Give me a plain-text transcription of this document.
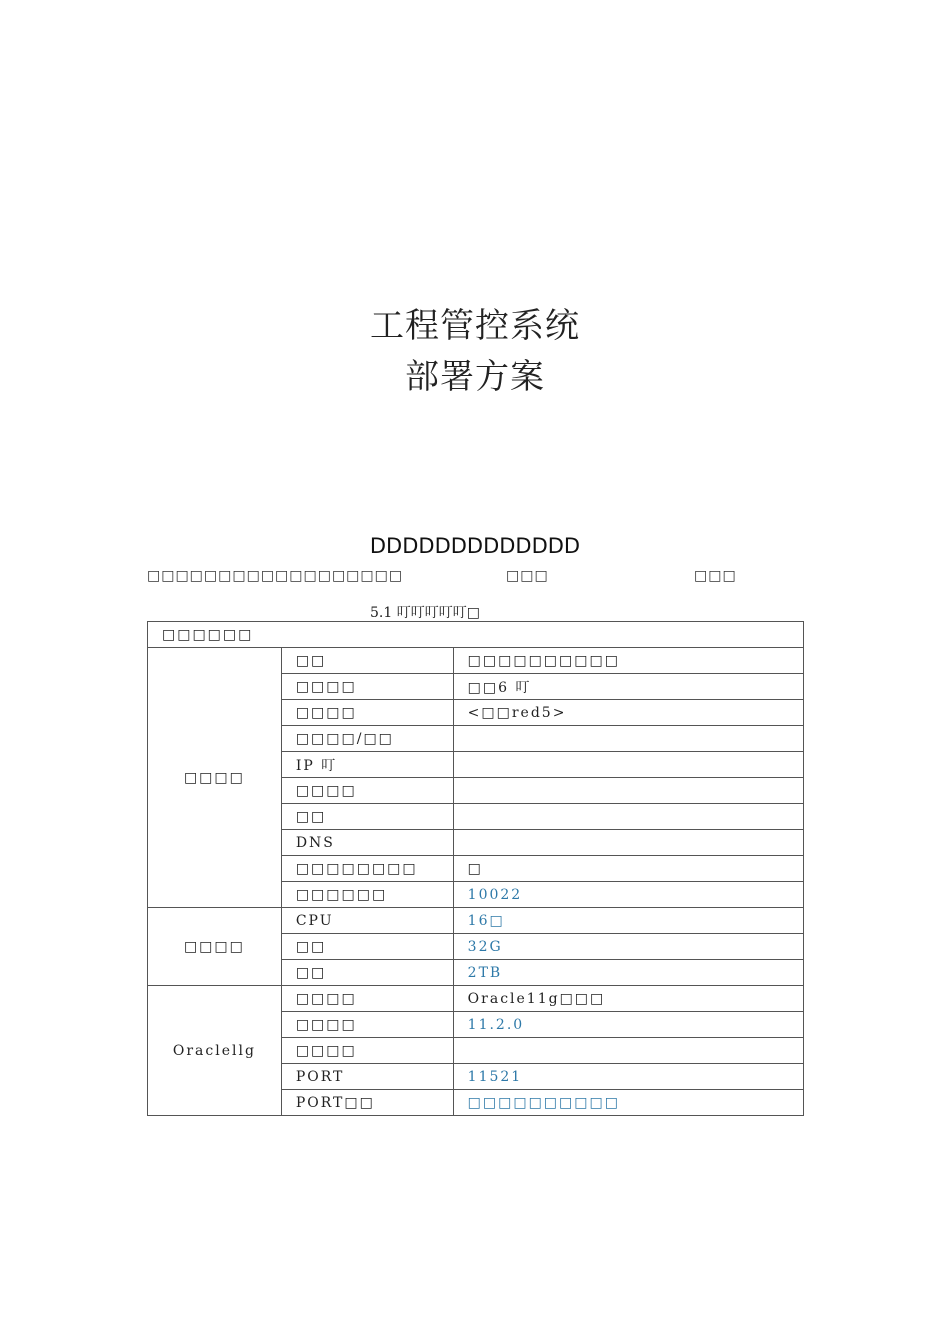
工程管控系统
部署方案
DDDDDDDDDDDDD
□□□□□□□□□□□□□□□□□□	□□□	□□□
5.1 叮叮叮叮叮□
□□□□□□		
□□□□	□□	□□□□□□□□□□
	□□□□	□□6 叮
	□□□□	<□□red5>
	□□□□/□□	
	IP 叮	
	□□□□	
	□□	
	DNS	
	□□□□□□□□	□
	□□□□□□	10022
□□□□	CPU	16□
	□□	32G
	□□	2TB
Oraclellg	□□□□	Oracle11g□□□
	□□□□	11.2.0
	□□□□	
	PORT	11521
	PORT□□	□□□□□□□□□□
